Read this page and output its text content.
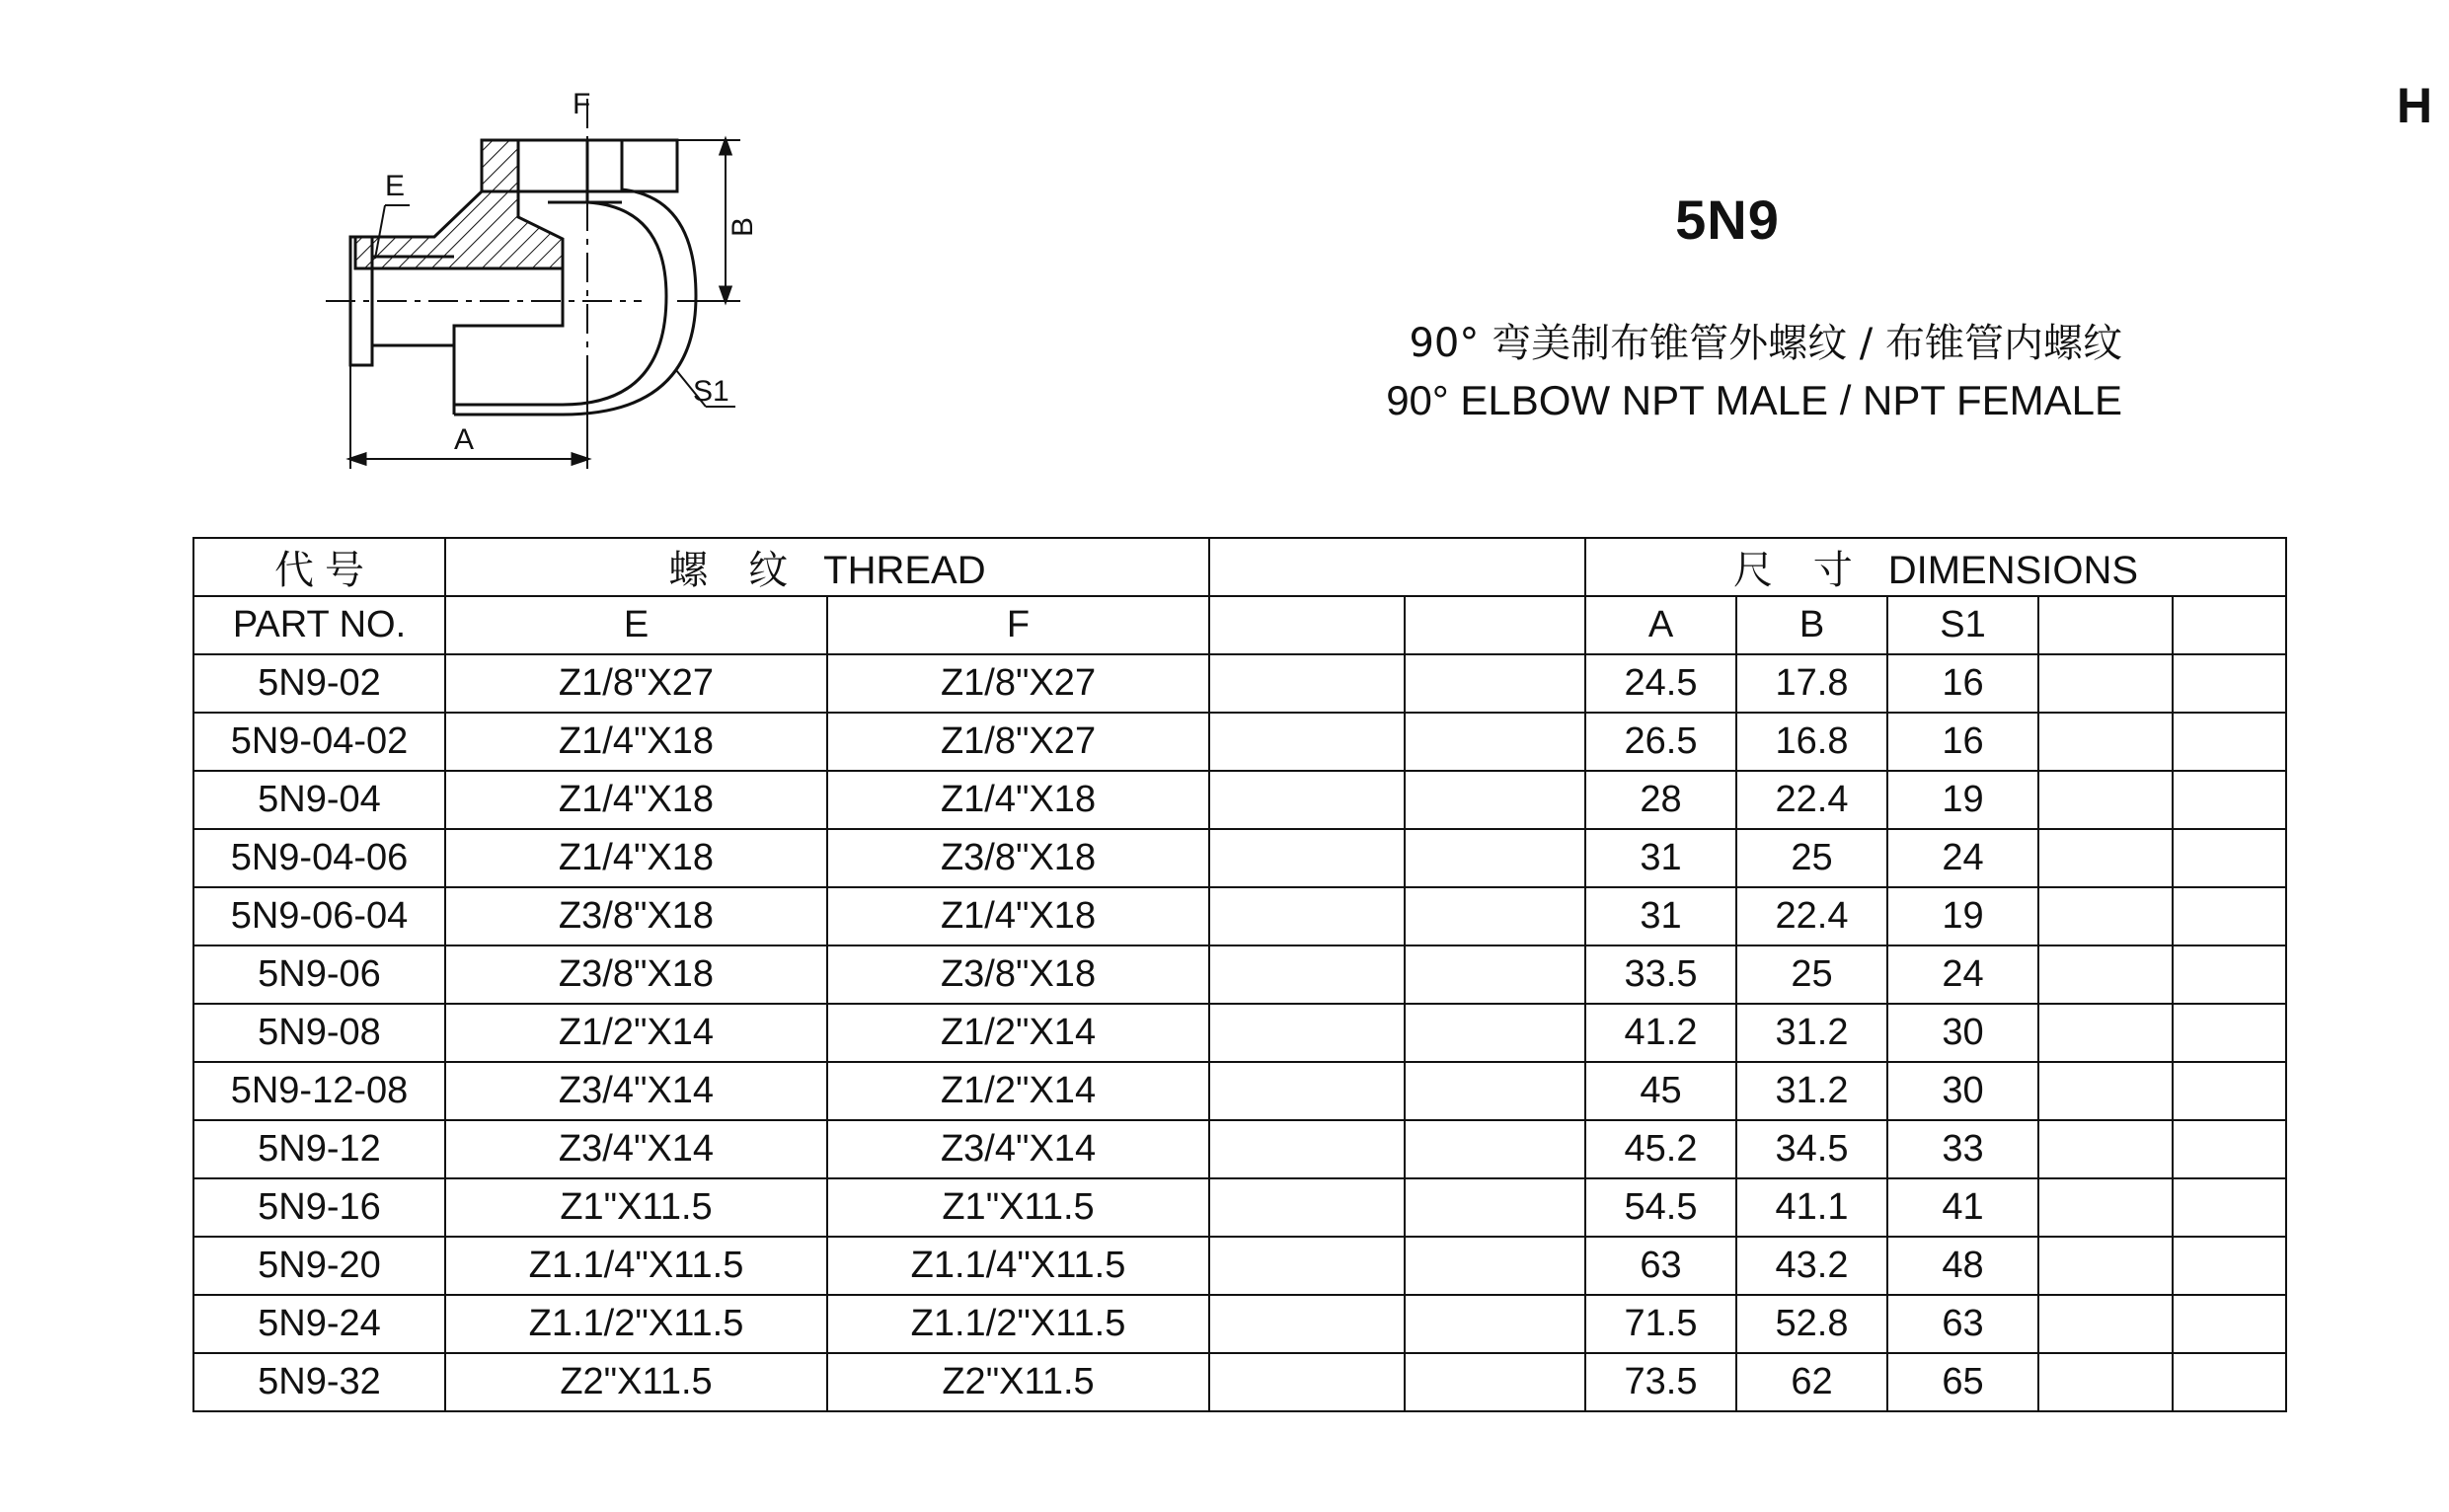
H
F
E
B
S1
A
5N9
90° 弯美制布锥管外螺纹 / 布锥管内螺纹
90° ELBOW NPT MALE / NPT FEMALE
代 号	螺 纹 THREAD				尺 寸 DIMENSIONS				
PART NO.	E	F			A	B	S1		
5N9-02	Z1/8"X27	Z1/8"X27			24.5	17.8	16		
5N9-04-02	Z1/4"X18	Z1/8"X27			26.5	16.8	16		
5N9-04	Z1/4"X18	Z1/4"X18			28	22.4	19		
5N9-04-06	Z1/4"X18	Z3/8"X18			31	25	24		
5N9-06-04	Z3/8"X18	Z1/4"X18			31	22.4	19		
5N9-06	Z3/8"X18	Z3/8"X18			33.5	25	24		
5N9-08	Z1/2"X14	Z1/2"X14			41.2	31.2	30		
5N9-12-08	Z3/4"X14	Z1/2"X14			45	31.2	30		
5N9-12	Z3/4"X14	Z3/4"X14			45.2	34.5	33		
5N9-16	Z1"X11.5	Z1"X11.5			54.5	41.1	41		
5N9-20	Z1.1/4"X11.5	Z1.1/4"X11.5			63	43.2	48		
5N9-24	Z1.1/2"X11.5	Z1.1/2"X11.5			71.5	52.8	63		
5N9-32	Z2"X11.5	Z2"X11.5			73.5	62	65		
